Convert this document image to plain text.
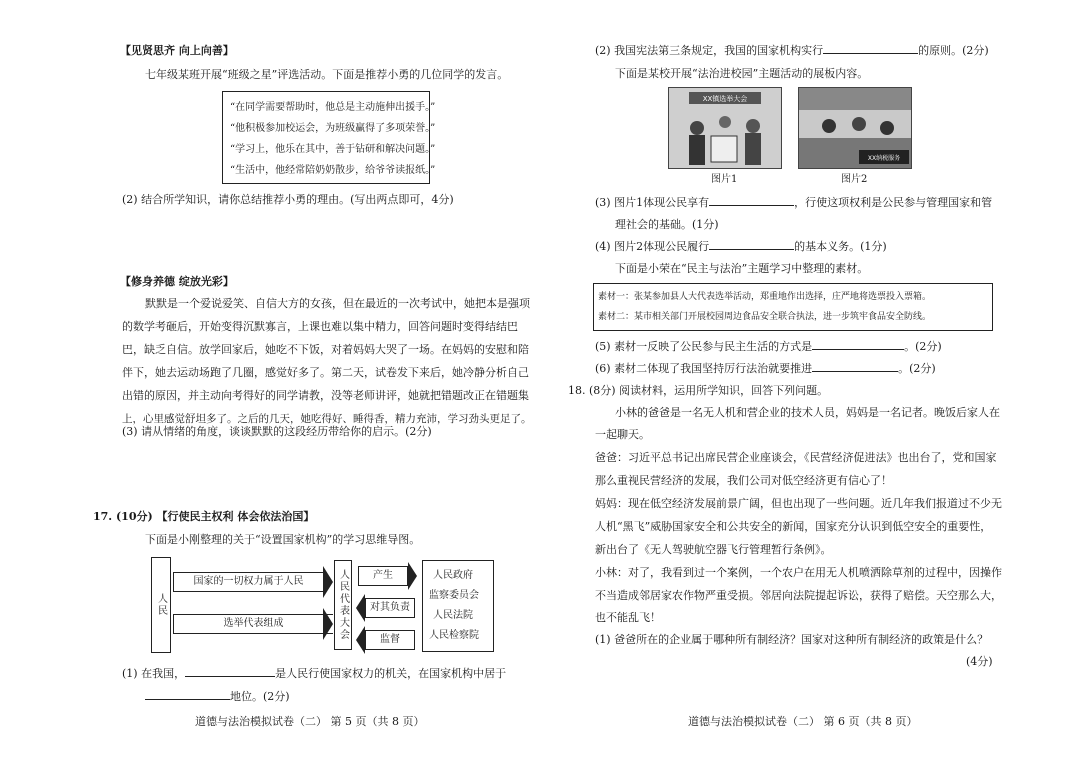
【见贤思齐 向上向善】
七年级某班开展“班级之星”评选活动。下面是推荐小勇的几位同学的发言。
“在同学需要帮助时，他总是主动施伸出援手。”
“他积极参加校运会，为班级赢得了多项荣誉。”
“学习上，他乐在其中，善于钻研和解决问题。”
“生活中，他经常陪奶奶散步，给爷爷读报纸。”
(2) 结合所学知识，请你总结推荐小勇的理由。(写出两点即可，4分)
【修身养德 绽放光彩】
默默是一个爱说爱笑、自信大方的女孩，但在最近的一次考试中，她把本是强项
的数学考砸后，开始变得沉默寡言，上课也难以集中精力，回答问题时变得结结巴
巴，缺乏自信。放学回家后，她吃不下饭，对着妈妈大哭了一场。在妈妈的安慰和陪
伴下，她去运动场跑了几圈，感觉好多了。第二天，试卷发下来后，她冷静分析自己
出错的原因，并主动向考得好的同学请教，没等老师讲评，她就把错题改正在错题集
上，心里感觉舒坦多了。之后的几天，她吃得好、睡得香，精力充沛，学习劲头更足了。
(3) 请从情绪的角度，谈谈默默的这段经历带给你的启示。(2分)
17. (10分) 【行使民主权利 体会依法治国】
下面是小刚整理的关于“设置国家机构”的学习思维导图。
人民
国家的一切权力属于人民
选举代表组成	人民代表大会	产生
对其负责
监督
人民政府
监察委员会
人民法院
人民检察院
(1) 在我国，	是人民行使国家权力的机关，在国家机构中居于
地位。(2分)
道德与法治模拟试卷（二） 第 5 页（共 8 页）
(2) 我国宪法第三条规定，我国的国家机构实行	的原则。(2分)
下面是某校开展“法治进校园”主题活动的展板内容。
XX镇选举大会
XX纳税服务
图片1	图片2
(3) 图片1体现公民享有	，行使这项权利是公民参与管理国家和管
理社会的基础。(1分)
(4) 图片2体现公民履行	的基本义务。(1分)
下面是小荣在“民主与法治”主题学习中整理的素材。
素材一：张某参加县人大代表选举活动，郑重地作出选择，庄严地将选票投入票箱。
素材二：某市相关部门开展校园周边食品安全联合执法，进一步筑牢食品安全防线。
(5) 素材一反映了公民参与民主生活的方式是	。(2分)
(6) 素材二体现了我国坚持厉行法治就要推进	。(2分)
18. (8分) 阅读材料，运用所学知识，回答下列问题。
小林的爸爸是一名无人机和营企业的技术人员，妈妈是一名记者。晚饭后家人在
一起聊天。
爸爸：习近平总书记出席民营企业座谈会，《民营经济促进法》也出台了，党和国家
那么重视民营经济的发展，我们公司对低空经济更有信心了！
妈妈：现在低空经济发展前景广阔，但也出现了一些问题。近几年我们报道过不少无
人机“黑飞”威胁国家安全和公共安全的新闻，国家充分认识到低空安全的重要性，
新出台了《无人驾驶航空器飞行管理暂行条例》。
小林：对了，我看到过一个案例，一个农户在用无人机喷洒除草剂的过程中，因操作
不当造成邻居家农作物严重受损。邻居向法院提起诉讼，获得了赔偿。天空那么大，
也不能乱飞！
(1) 爸爸所在的企业属于哪种所有制经济？国家对这种所有制经济的政策是什么？
(4分)
道德与法治模拟试卷（二） 第 6 页（共 8 页）
